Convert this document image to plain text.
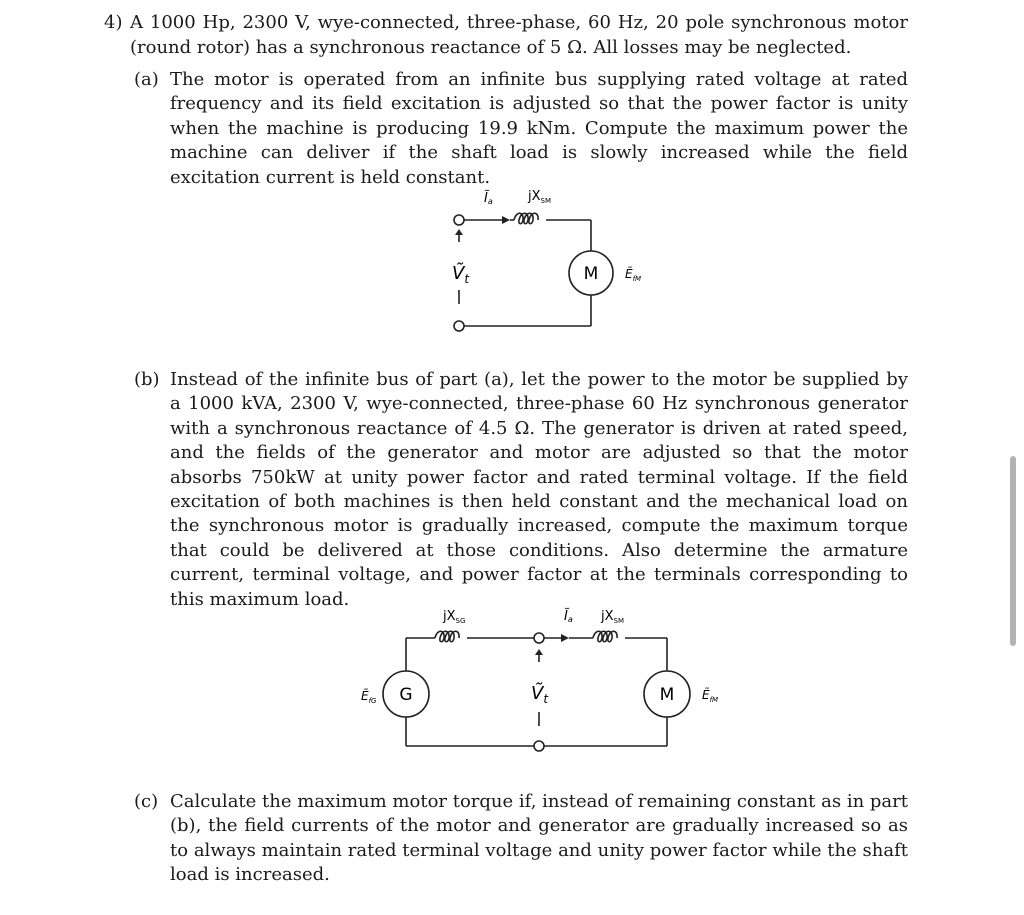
4) A 1000 Hp, 2300 V, wye-connected, three-phase, 60 Hz, 20 pole synchronous motor (round rotor) has a synchronous reactance of 5 Ω. All losses may be neglected.
(a) The motor is operated from an infinite bus supplying rated voltage at rated frequency and its field excitation is adjusted so that the power factor is unity when the machine is producing 19.9 kNm. Compute the maximum power the machine can deliver if the shaft load is slowly increased while the field excitation current is held constant.
Ĩa	$jX_{SM}$
Ṽ$_t$	M Ẽ$_{fM}$
(b) Instead of the infinite bus of part (a), let the power to the motor be supplied by a 1000 kVA, 2300 V, wye-connected, three-phase 60 Hz synchronous generator with a synchronous reactance of 4.5 Ω. The generator is driven at rated speed, and the fields of the generator and motor are adjusted so that the motor absorbs 750kW at unity power factor and rated terminal voltage. If the field excitation of both machines is then held constant and the mechanical load on the synchronous motor is gradually increased, compute the maximum torque that could be delivered at those conditions. Also determine the armature current, terminal voltage, and power factor at the terminals corresponding to this maximum load.
$jX_{SG}$	Ĩa $jX_{SM}$
Ẽ$_{fG}$ G	Ṽ$_t$	M Ẽ$_{fM}$
(c) Calculate the maximum motor torque if, instead of remaining constant as in part (b), the field currents of the motor and generator are gradually increased so as to always maintain rated terminal voltage and unity power factor while the shaft load is increased.
